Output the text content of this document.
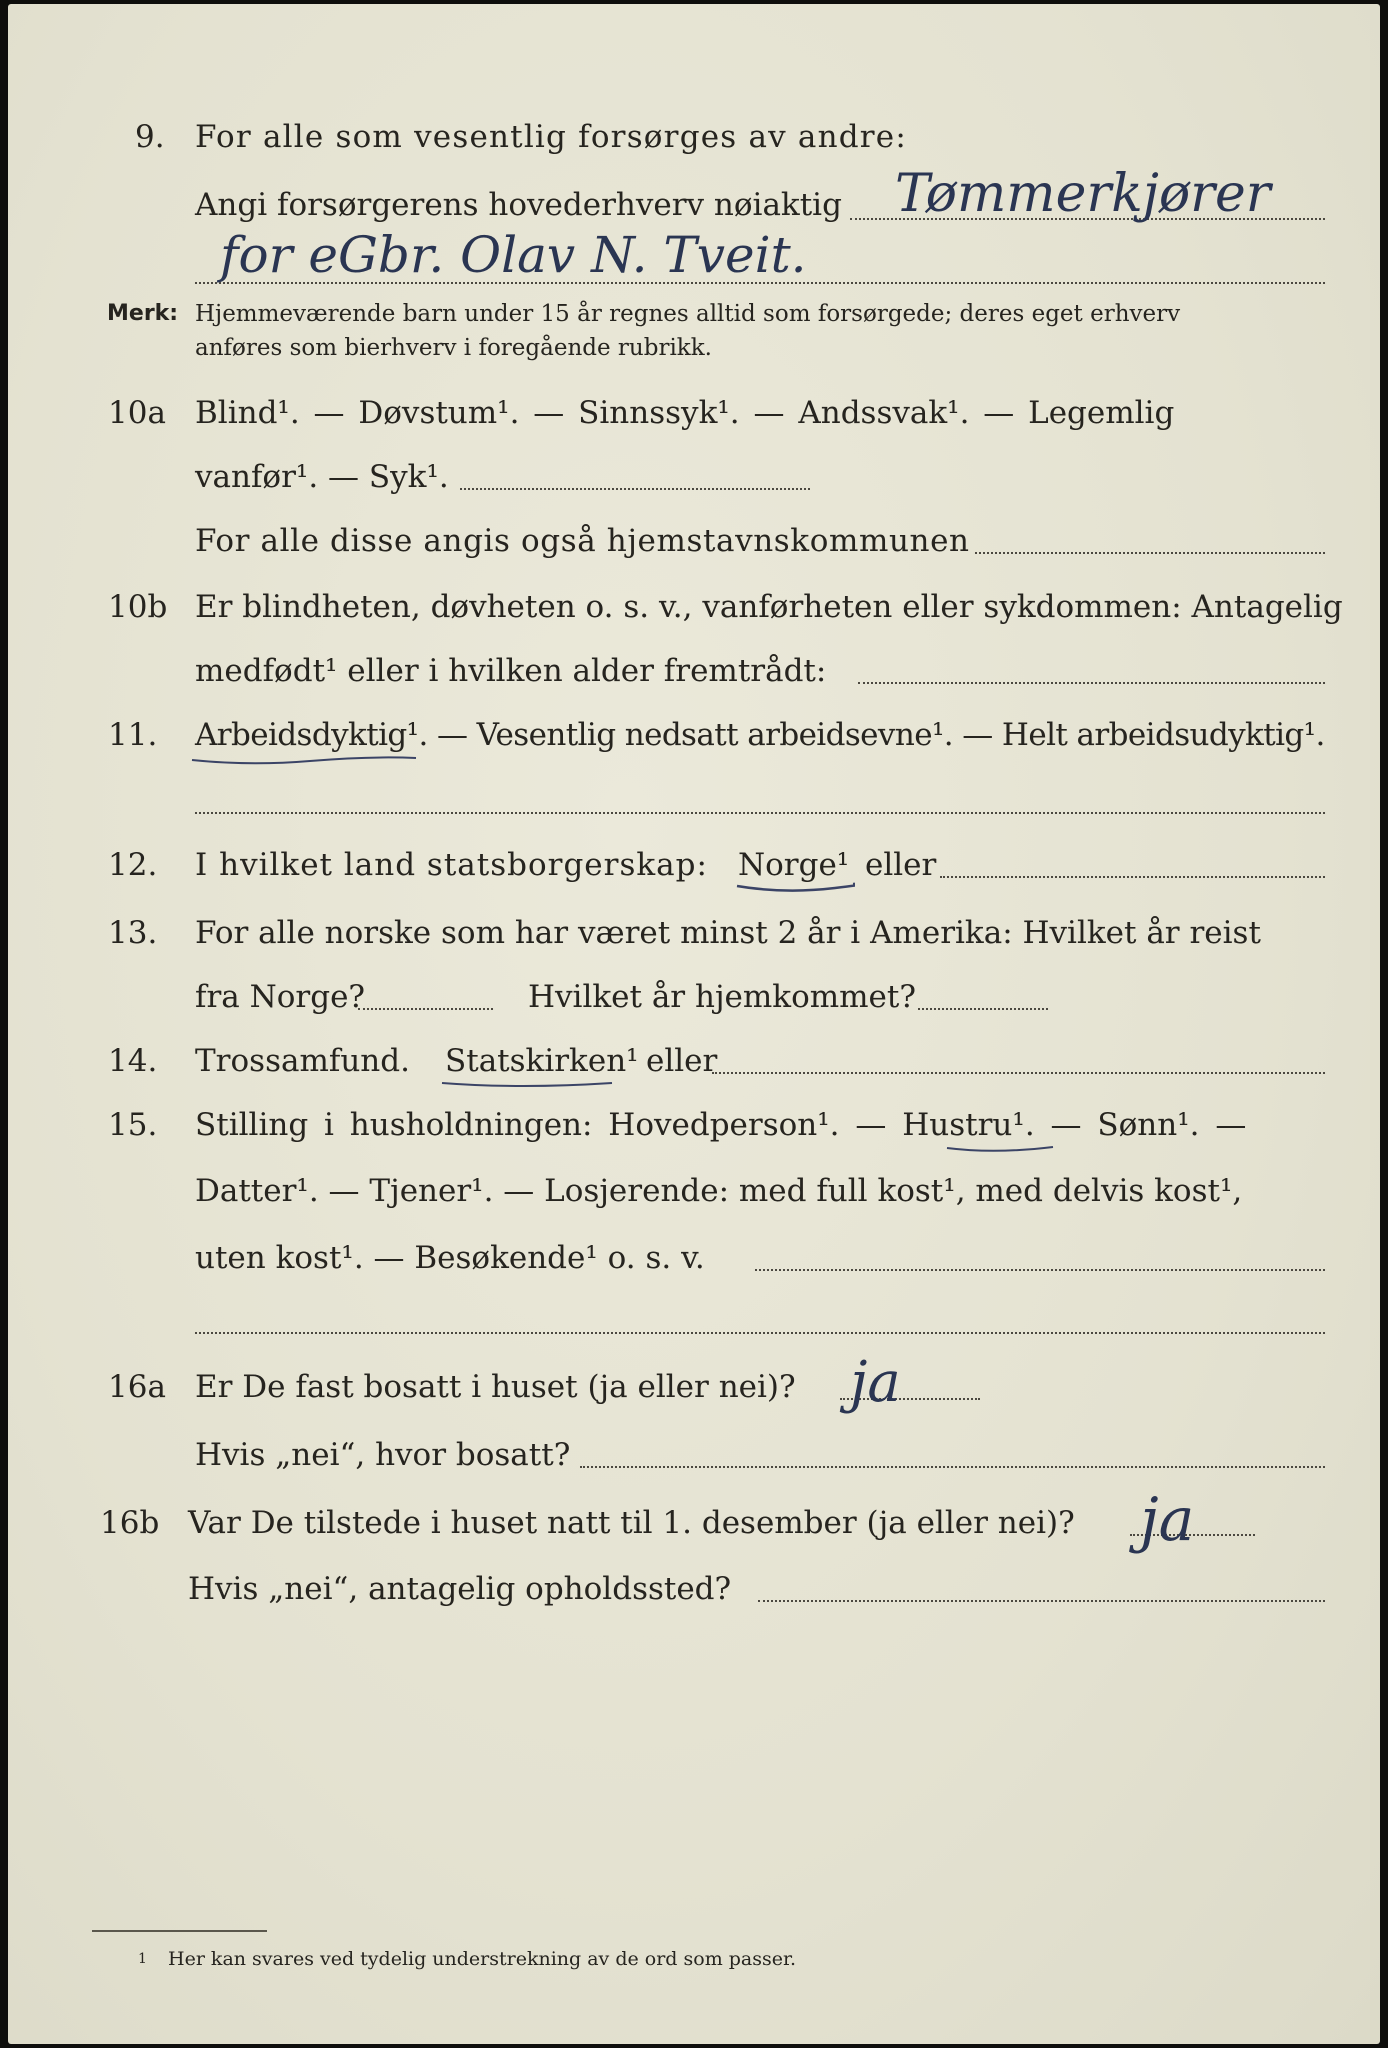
9. For alle som vesentlig forsørges av andre:
Angi forsørgerens hovederhverv nøiaktig Tømmerkjører
for eGbr. Olav N. Tveit.
Merk: Hjemmeværende barn under 15 år regnes alltid som forsørgede; deres eget erhverv
anføres som bierhverv i foregående rubrikk.
10a Blind¹. — Døvstum¹. — Sinnssyk¹. — Andssvak¹. — Legemlig
vanfør¹. — Syk¹.
For alle disse angis også hjemstavnskommunen
10b Er blindheten, døvheten o. s. v., vanførheten eller sykdommen: Antagelig
medfødt¹ eller i hvilken alder fremtrådt:
11. Arbeidsdyktig¹. — Vesentlig nedsatt arbeidsevne¹. — Helt arbeidsudyktig¹.
12. I hvilket land statsborgerskap: Norge¹ eller
13. For alle norske som har været minst 2 år i Amerika: Hvilket år reist
fra Norge?	Hvilket år hjemkommet?
14. Trossamfund. Statskirken¹ eller
15. Stilling i husholdningen: Hovedperson¹. — Hustru¹. — Sønn¹. —
Datter¹. — Tjener¹. — Losjerende: med full kost¹, med delvis kost¹,
uten kost¹. — Besøkende¹ o. s. v.
16a Er De fast bosatt i huset (ja eller nei)? ja
Hvis „nei“, hvor bosatt?
16b Var De tilstede i huset natt til 1. desember (ja eller nei)? ja
Hvis „nei“, antagelig opholdssted?
1 Her kan svares ved tydelig understrekning av de ord som passer.
